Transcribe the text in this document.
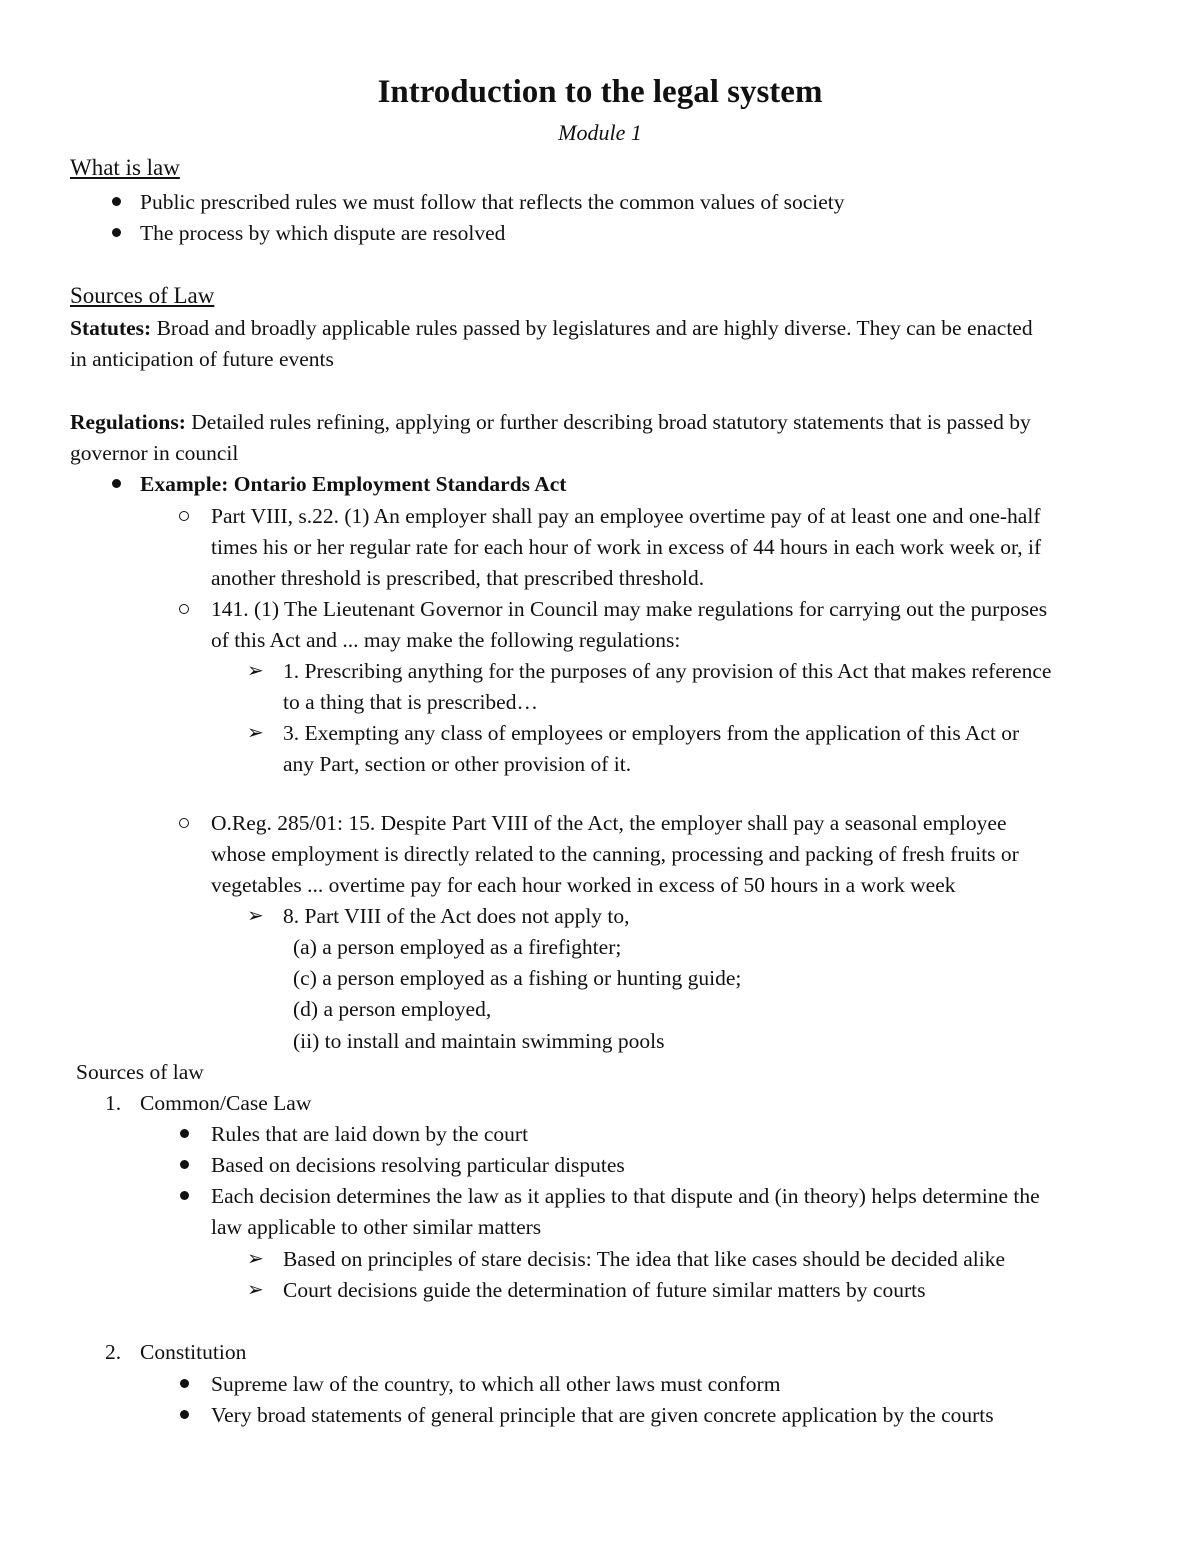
Introduction to the legal system
Module 1
What is law
Public prescribed rules we must follow that reflects the common values of society
The process by which dispute are resolved
Sources of Law
Statutes: Broad and broadly applicable rules passed by legislatures and are highly diverse. They can be enacted
in anticipation of future events
Regulations: Detailed rules refining, applying or further describing broad statutory statements that is passed by
governor in council
Example: Ontario Employment Standards Act
Part VIII, s.22. (1) An employer shall pay an employee overtime pay of at least one and one-half
times his or her regular rate for each hour of work in excess of 44 hours in each work week or, if
another threshold is prescribed, that prescribed threshold.
141. (1) The Lieutenant Governor in Council may make regulations for carrying out the purposes
of this Act and ... may make the following regulations:
➢ 1. Prescribing anything for the purposes of any provision of this Act that makes reference
to a thing that is prescribed…
➢ 3. Exempting any class of employees or employers from the application of this Act or
any Part, section or other provision of it.
O.Reg. 285/01: 15. Despite Part VIII of the Act, the employer shall pay a seasonal employee
whose employment is directly related to the canning, processing and packing of fresh fruits or
vegetables ... overtime pay for each hour worked in excess of 50 hours in a work week
➢ 8. Part VIII of the Act does not apply to,
(a) a person employed as a firefighter;
(c) a person employed as a fishing or hunting guide;
(d) a person employed,
(ii) to install and maintain swimming pools
Sources of law
1. Common/Case Law
Rules that are laid down by the court
Based on decisions resolving particular disputes
Each decision determines the law as it applies to that dispute and (in theory) helps determine the
law applicable to other similar matters
➢ Based on principles of stare decisis: The idea that like cases should be decided alike
➢ Court decisions guide the determination of future similar matters by courts
2. Constitution
Supreme law of the country, to which all other laws must conform
Very broad statements of general principle that are given concrete application by the courts
